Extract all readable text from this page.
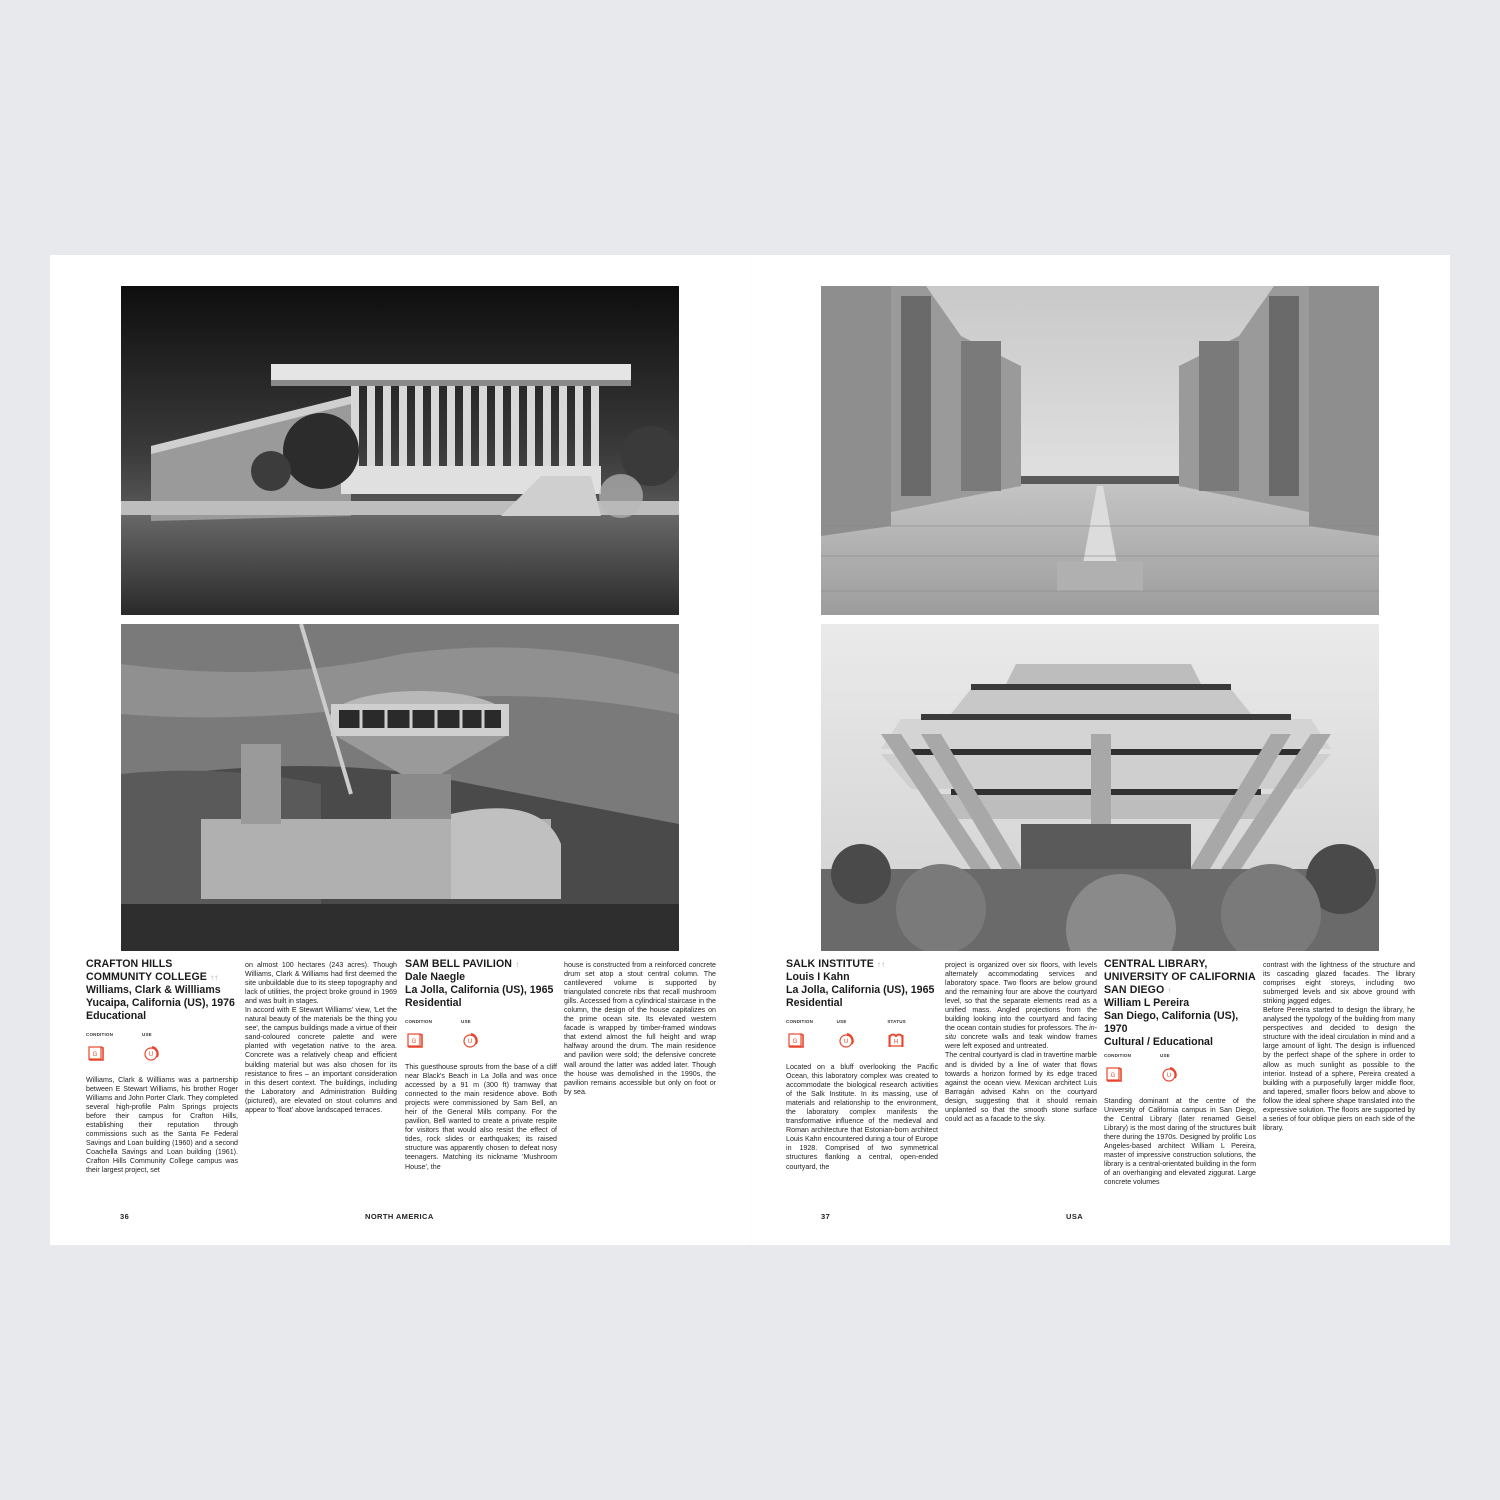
CRAFTON HILLS
COMMUNITY COLLEGE ↑↑
Williams, Clark & Willliams
Yucaipa, California (US), 1976
Educational
CONDITION
G
USE
U

Williams, Clark & Willliams was a partnership between E Stewart Williams, his brother Roger Williams and John Porter Clark. They completed several high-profile Palm Springs projects before their campus for Crafton Hills, establishing their reputation through commissions such as the Santa Fe Federal Savings and Loan building (1960) and a second Coachella Savings and Loan building (1961). Crafton Hills Community College campus was their largest project, set

on almost 100 hectares (243 acres). Though Williams, Clark & Williams had first deemed the site unbuildable due to its steep topography and lack of utilities, the project broke ground in 1969 and was built in stages.

In accord with E Stewart Williams' view, 'Let the natural beauty of the materials be the thing you see', the campus buildings made a virtue of their sand-coloured concrete palette and were planted with vegetation native to the area. Concrete was a relatively cheap and efficient building material but was also chosen for its resistance to fires – an important consideration in this desert context. The buildings, including the Laboratory and Administration Building (pictured), are elevated on stout columns and appear to 'float' above landscaped terraces.

SAM BELL PAVILION ↑
Dale Naegle
La Jolla, California (US), 1965
Residential
CONDITION
G
USE
U

This guesthouse sprouts from the base of a cliff near Black's Beach in La Jolla and was once accessed by a 91 m (300 ft) tramway that connected to the main residence above. Both projects were commissioned by Sam Bell, an heir of the General Mills company. For the pavilion, Bell wanted to create a private respite for visitors that would also resist the effect of tides, rock slides or earthquakes; its raised structure was apparently chosen to defeat nosy teenagers. Matching its nickname 'Mushroom House', the

house is constructed from a reinforced concrete drum set atop a stout central column. The cantilevered volume is supported by triangulated concrete ribs that recall mushroom gills. Accessed from a cylindrical staircase in the column, the design of the house capitalizes on the prime ocean site. Its elevated western facade is wrapped by timber-framed windows that extend almost the full height and wrap halfway around the drum. The main residence and pavilion were sold; the defensive concrete wall around the latter was added later. Though the house was demolished in the 1990s, the pavilion remains accessible but only on foot or by sea.

SALK INSTITUTE ↑↑
Louis I Kahn
La Jolla, California (US), 1965
Residential
CONDITION
G
USE
U
STATUS
H

Located on a bluff overlooking the Pacific Ocean, this laboratory complex was created to accommodate the biological research activities of the Salk Institute. In its massing, use of materials and relationship to the environment, the laboratory complex manifests the transformative influence of the medieval and Roman architecture that Estonian-born architect Louis Kahn encountered during a tour of Europe in 1928. Comprised of two symmetrical structures flanking a central, open-ended courtyard, the

project is organized over six floors, with levels alternately accommodating services and laboratory space. Two floors are below ground and the remaining four are above the courtyard level, so that the separate elements read as a unified mass. Angled projections from the building looking into the courtyard and facing the ocean contain studies for professors. The in-situ concrete walls and teak window frames were left exposed and untreated.

The central courtyard is clad in travertine marble and is divided by a line of water that flows towards a horizon formed by its edge traced against the ocean view. Mexican architect Luis Barragán advised Kahn on the courtyard design, suggesting that it should remain unplanted so that the smooth stone surface could act as a facade to the sky.

CENTRAL LIBRARY,
UNIVERSITY OF CALIFORNIA
SAN DIEGO ↑
William L Pereira
San Diego, California (US), 1970
Cultural / Educational
CONDITION
G
USE
U

Standing dominant at the centre of the University of California campus in San Diego, the Central Library (later renamed Geisel Library) is the most daring of the structures built there during the 1970s. Designed by prolific Los Angeles-based architect William L Pereira, master of impressive construction solutions, the library is a central-orientated building in the form of an overhanging and elevated ziggurat. Large concrete volumes

contrast with the lightness of the structure and its cascading glazed facades. The library comprises eight storeys, including two submerged levels and six above ground with striking jagged edges.

Before Pereira started to design the library, he analysed the typology of the building from many perspectives and decided to design the structure with the ideal circulation in mind and a large amount of light. The design is influenced by the perfect shape of the sphere in order to allow as much sunlight as possible to the interior. Instead of a sphere, Pereira created a building with a purposefully larger middle floor, and tapered, smaller floors below and above to follow the ideal sphere shape translated into the expressive solution. The floors are supported by a series of four oblique piers on each side of the library.

36	NORTH AMERICA	37	USA
